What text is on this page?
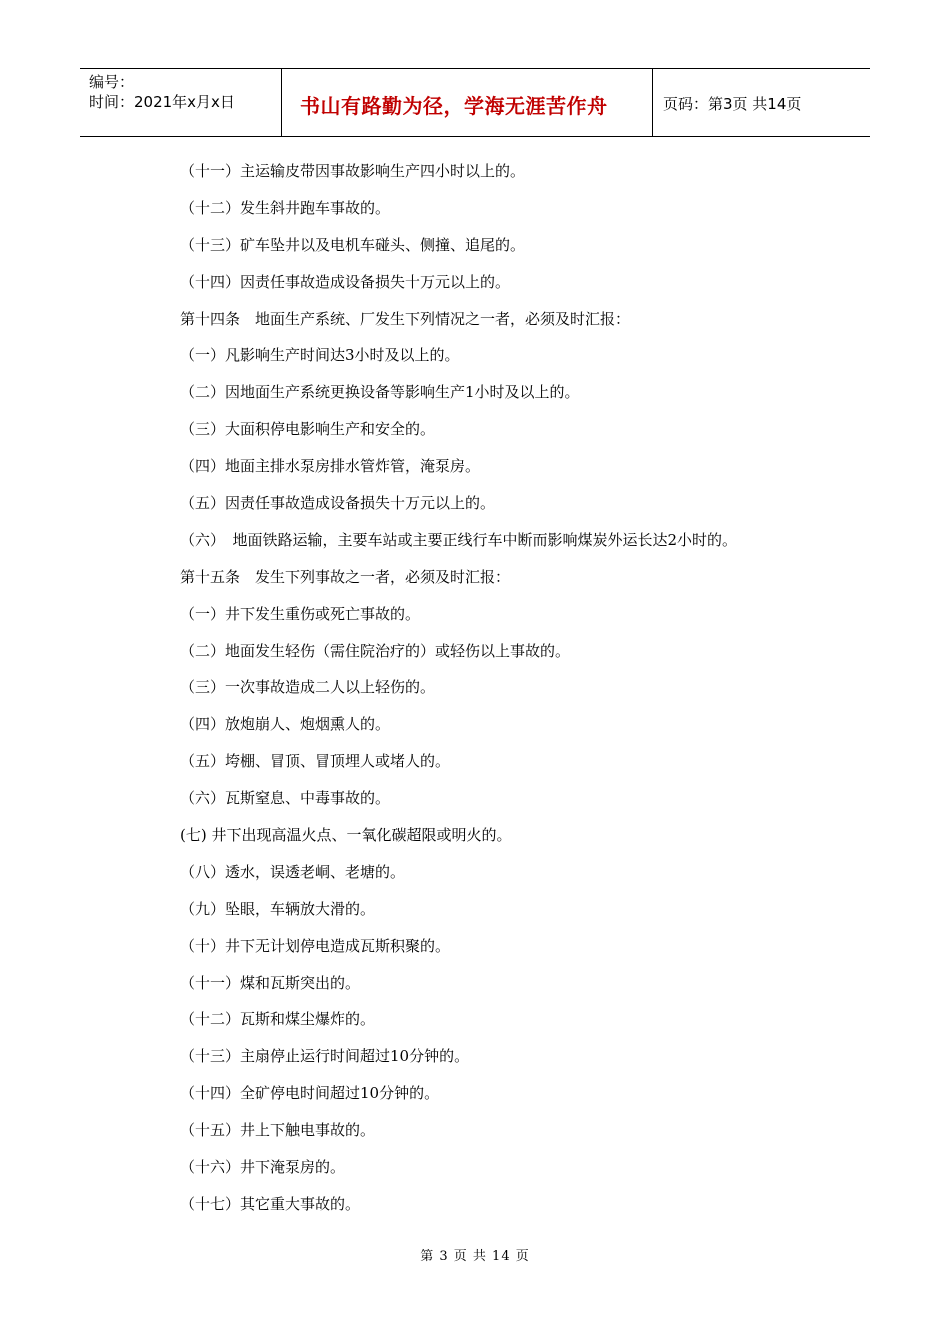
编号：
时间：2021年x月x日	书山有路勤为径，学海无涯苦作舟	页码：第3页 共14页
（十一）主运输皮带因事故影响生产四小时以上的。
（十二）发生斜井跑车事故的。
（十三）矿车坠井以及电机车碰头、侧撞、追尾的。
（十四）因责任事故造成设备损失十万元以上的。
第十四条　地面生产系统、厂发生下列情况之一者，必须及时汇报：
（一）凡影响生产时间达3小时及以上的。
（二）因地面生产系统更换设备等影响生产1小时及以上的。
（三）大面积停电影响生产和安全的。
（四）地面主排水泵房排水管炸管，淹泵房。
（五）因责任事故造成设备损失十万元以上的。
（六）　地面铁路运输，主要车站或主要正线行车中断而影响煤炭外运长达2小时的。
第十五条　发生下列事故之一者，必须及时汇报：
（一）井下发生重伤或死亡事故的。
（二）地面发生轻伤（需住院治疗的）或轻伤以上事故的。
（三）一次事故造成二人以上轻伤的。
（四）放炮崩人、炮烟熏人的。
（五）垮棚、冒顶、冒顶埋人或堵人的。
（六）瓦斯窒息、中毒事故的。
(七) 井下出现高温火点、一氧化碳超限或明火的。
（八）透水，误透老峒、老塘的。
（九）坠眼，车辆放大滑的。
（十）井下无计划停电造成瓦斯积聚的。
（十一）煤和瓦斯突出的。
（十二）瓦斯和煤尘爆炸的。
（十三）主扇停止运行时间超过10分钟的。
（十四）全矿停电时间超过10分钟的。
（十五）井上下触电事故的。
（十六）井下淹泵房的。
（十七）其它重大事故的。
第 3 页 共 14 页
